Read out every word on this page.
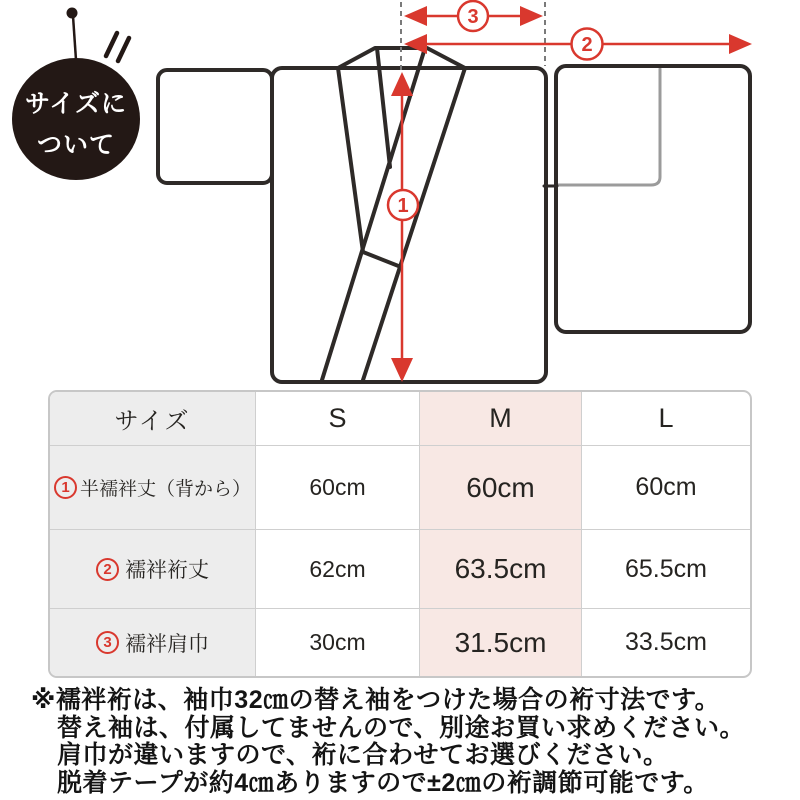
サイズに
ついて
3
2
1
サイズ	S	M	L
1 半襦袢丈（背から）	60cm	60cm	60cm
2 襦袢裄丈	62cm	63.5cm	65.5cm
3 襦袢肩巾	30cm	31.5cm	33.5cm
※襦袢裄は、袖巾32㎝の替え袖をつけた場合の裄寸法です。
替え袖は、付属してませんので、別途お買い求めください。
肩巾が違いますので、裄に合わせてお選びください。
脱着テープが約4㎝ありますので±2㎝の裄調節可能です。
